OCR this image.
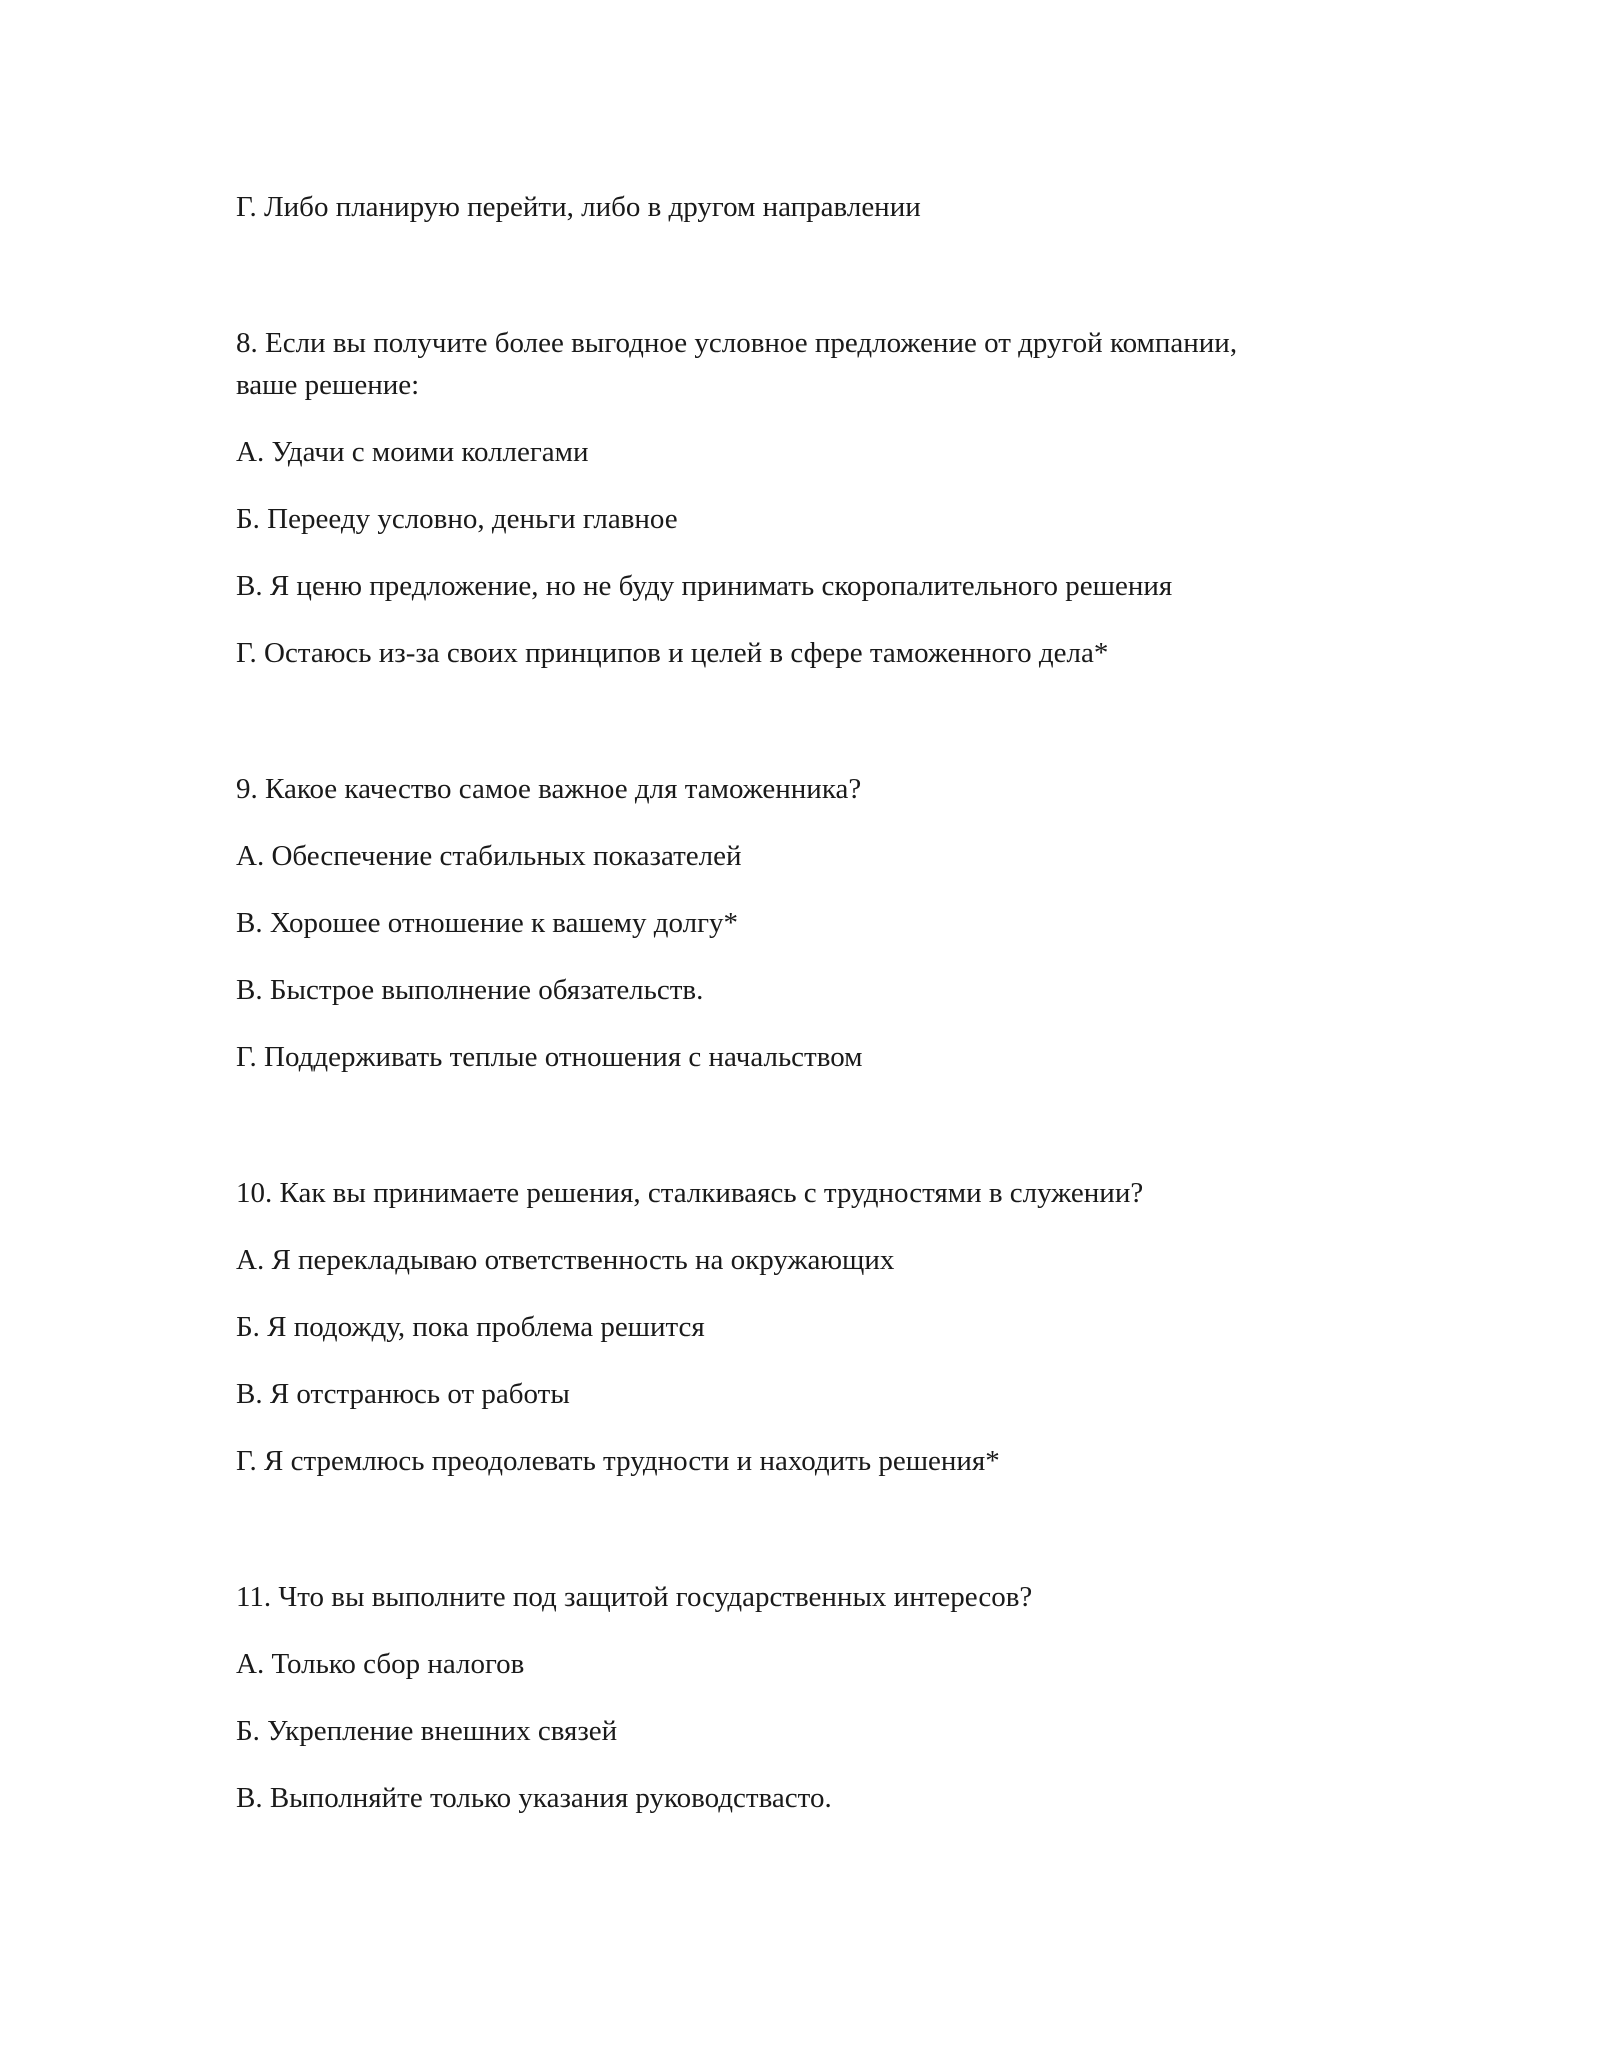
Г. Либо планирую перейти, либо в другом направлении

8. Если вы получите более выгодное условное предложение от другой компании,

ваше решение:

А. Удачи с моими коллегами

Б. Перееду условно, деньги главное

В. Я ценю предложение, но не буду принимать скоропалительного решения

Г. Остаюсь из-за своих принципов и целей в сфере таможенного дела*

9. Какое качество самое важное для таможенника?

А. Обеспечение стабильных показателей

В. Хорошее отношение к вашему долгу*

В. Быстрое выполнение обязательств.

Г. Поддерживать теплые отношения с начальством

10. Как вы принимаете решения, сталкиваясь с трудностями в служении?

А. Я перекладываю ответственность на окружающих

Б. Я подожду, пока проблема решится

В. Я отстранюсь от работы

Г. Я стремлюсь преодолевать трудности и находить решения*

11. Что вы выполните под защитой государственных интересов?

А. Только сбор налогов

Б. Укрепление внешних связей

В. Выполняйте только указания руководстваcто.
